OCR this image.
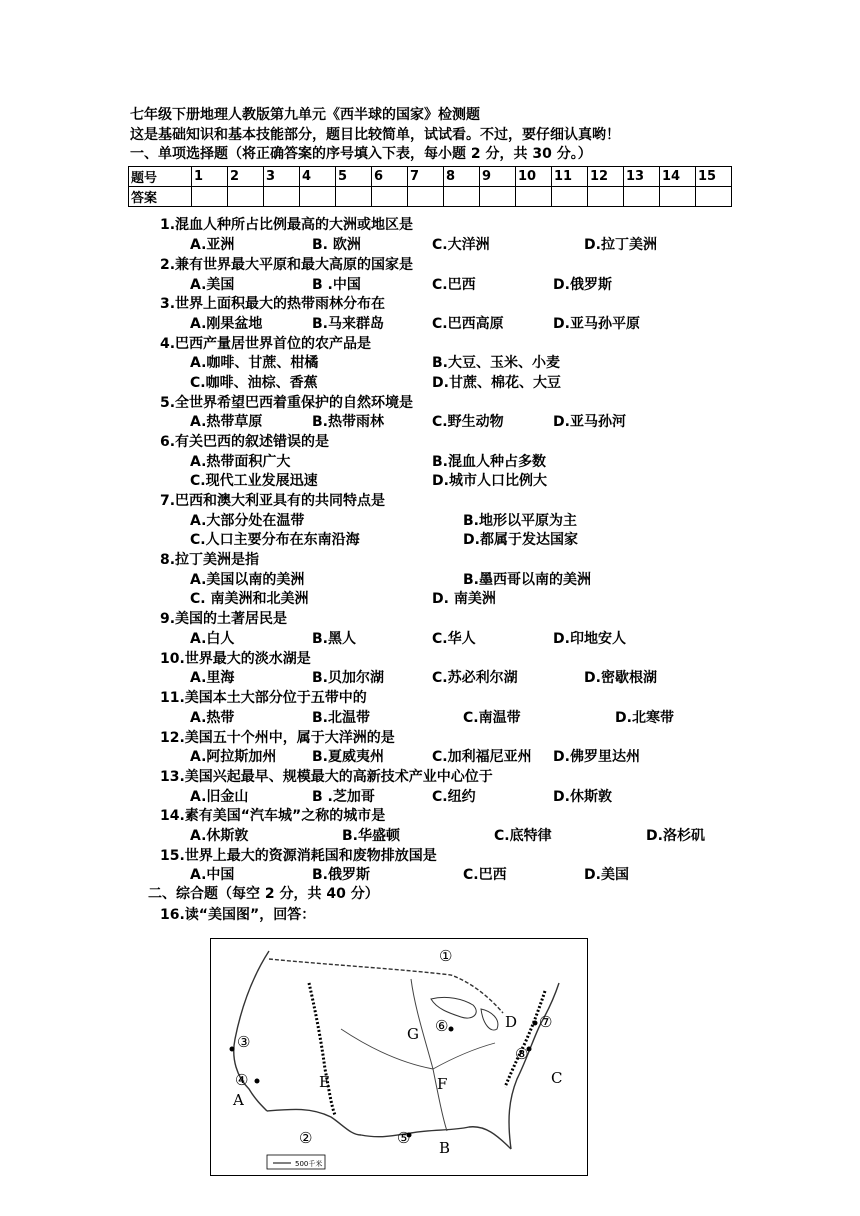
七年级下册地理人教版第九单元《西半球的国家》检测题
这是基础知识和基本技能部分，题目比较简单，试试看。不过，要仔细认真哟！
一、单项选择题（将正确答案的序号填入下表，每小题 2 分，共 30 分。）
题号	1	2	3	4	5	6	7	8	9	10	11	12	13	14	15
答案															
1.混血人种所占比例最高的大洲或地区是
A.亚洲	B. 欧洲	C.大洋洲	D.拉丁美洲
2.兼有世界最大平原和最大高原的国家是
A.美国	B .中国	C.巴西	D.俄罗斯
3.世界上面积最大的热带雨林分布在
A.刚果盆地	B.马来群岛	C.巴西高原	D.亚马孙平原
4.巴西产量居世界首位的农产品是
A.咖啡、甘蔗、柑橘	B.大豆、玉米、小麦
C.咖啡、油棕、香蕉	D.甘蔗、棉花、大豆
5.全世界希望巴西着重保护的自然环境是
A.热带草原	B.热带雨林	C.野生动物	D.亚马孙河
6.有关巴西的叙述错误的是
A.热带面积广大	B.混血人种占多数
C.现代工业发展迅速	D.城市人口比例大
7.巴西和澳大利亚具有的共同特点是
A.大部分处在温带	B.地形以平原为主
C.人口主要分布在东南沿海	D.都属于发达国家
8.拉丁美洲是指
A.美国以南的美洲	B.墨西哥以南的美洲
C. 南美洲和北美洲	D. 南美洲
9.美国的土著居民是
A.白人	B.黑人	C.华人	D.印地安人
10.世界最大的淡水湖是
A.里海	B.贝加尔湖	C.苏必利尔湖	D.密歇根湖
11.美国本土大部分位于五带中的
A.热带	B.北温带	C.南温带	D.北寒带
12.美国五十个州中，属于大洋洲的是
A.阿拉斯加州	B.夏威夷州	C.加利福尼亚州 D.佛罗里达州
13.美国兴起最早、规模最大的高新技术产业中心位于
A.旧金山	B .芝加哥	C.纽约	D.休斯敦
14.素有美国“汽车城”之称的城市是
A.休斯敦	B.华盛顿	C.底特律	D.洛杉矶
15.世界上最大的资源消耗国和废物排放国是
A.中国	B.俄罗斯	C.巴西	D.美国
二、综合题（每空 2 分，共 40 分）
16.读“美国图”，回答：
500千米
①
②
③
④
⑤
⑥	⑦
⑧
A
B
C
D
E	F
G
